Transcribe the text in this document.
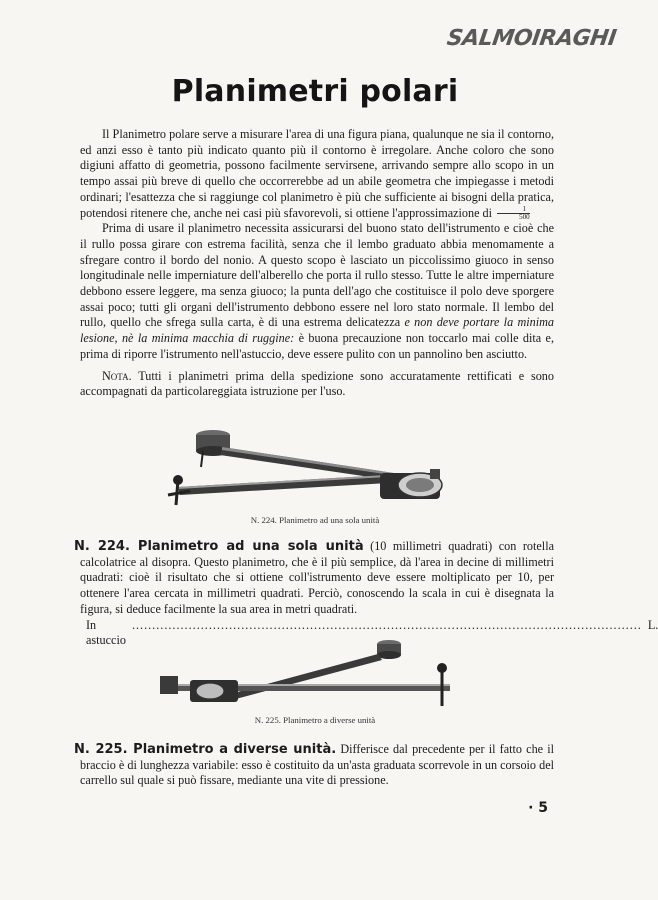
SALMOIRAGHI
Planimetri polari

Il Planimetro polare serve a misurare l'area di una figura piana, qualunque ne sia il contorno, ed anzi esso è tanto più indicato quanto più il contorno è irregolare. Anche coloro che sono digiuni affatto di geometria, possono facilmente servirsene, arrivando sempre allo scopo in un tempo assai più breve di quello che occorrerebbe ad un abile geometra che impiegasse i metodi ordinari; l'esattezza che si raggiunge col planimetro è più che sufficiente ai bisogni della pratica, potendosi ritenere che, anche nei casi più sfavorevoli, si ottiene l'approssimazione di $\frac{1}{500}$

Prima di usare il planimetro necessita assicurarsi del buono stato dell'istrumento e cioè che il rullo possa girare con estrema facilità, senza che il lembo graduato abbia menomamente a sfregare contro il bordo del nonio. A questo scopo è lasciato un piccolissimo giuoco in senso longitudinale nelle imperniature dell'alberello che porta il rullo stesso. Tutte le altre imperniature debbono essere leggere, ma senza giuoco; la punta dell'ago che costituisce il polo deve sporgere assai poco; tutti gli organi dell'istrumento debbono essere nel loro stato normale. Il lembo del rullo, quello che sfrega sulla carta, è di una estrema delicatezza e non deve portare la minima lesione, nè la minima macchia di ruggine: è buona precauzione non toccarlo mai colle dita e, prima di riporre l'istrumento nell'astuccio, deve essere pulito con un pannolino ben asciutto.

Nota. Tutti i planimetri prima della spedizione sono accuratamente rettificati e sono accompagnati da particolareggiata istruzione per l'uso.

N. 224. Planimetro ad una sola unità

N. 224. Planimetro ad una sola unità (10 millimetri quadrati) con rotella calcolatrice al disopra. Questo planimetro, che è il più semplice, dà l'area in decine di millimetri quadrati: cioè il risultato che si ottiene coll'istrumento deve essere moltiplicato per 10, per ottenere l'area cercata in millimetri quadrati. Perciò, conoscendo la scala in cui è disegnata la figura, si deduce facilmente la sua area in metri quadrati.

In astuccio
.............................................................................................................................. L.
N. 225. Planimetro a diverse unità

N. 225. Planimetro a diverse unità. Differisce dal precedente per il fatto che il braccio è di lunghezza variabile: esso è costituito da un'asta graduata scorrevole in un corsoio del carrello sul quale si può fissare, mediante una vite di pressione.

· 5
